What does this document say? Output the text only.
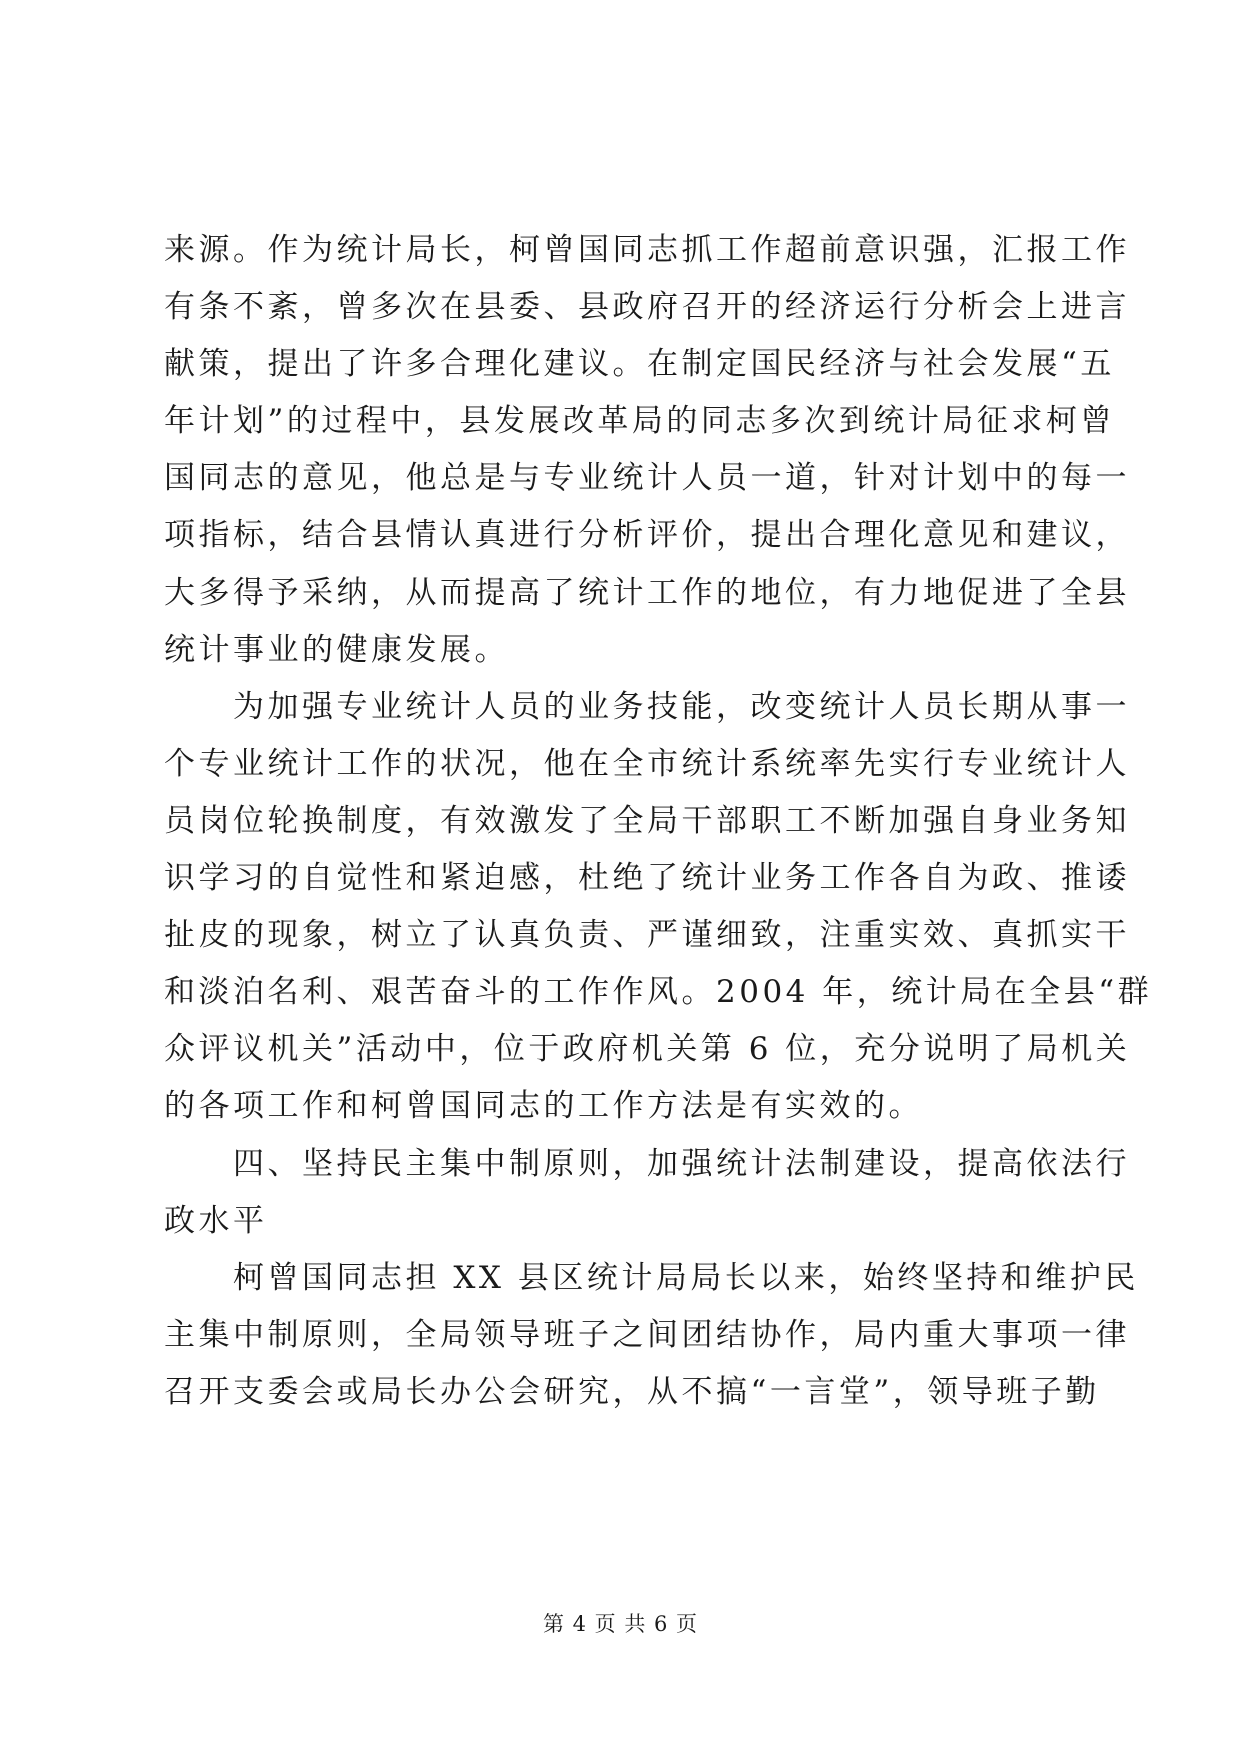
来源。作为统计局长，柯曾国同志抓工作超前意识强，汇报工作
有条不紊，曾多次在县委、县政府召开的经济运行分析会上进言
献策，提出了许多合理化建议。在制定国民经济与社会发展“五
年计划”的过程中，县发展改革局的同志多次到统计局征求柯曾
国同志的意见，他总是与专业统计人员一道，针对计划中的每一
项指标，结合县情认真进行分析评价，提出合理化意见和建议，
大多得予采纳，从而提高了统计工作的地位，有力地促进了全县
统计事业的健康发展。
　　为加强专业统计人员的业务技能，改变统计人员长期从事一
个专业统计工作的状况，他在全市统计系统率先实行专业统计人
员岗位轮换制度，有效激发了全局干部职工不断加强自身业务知
识学习的自觉性和紧迫感，杜绝了统计业务工作各自为政、推诿
扯皮的现象，树立了认真负责、严谨细致，注重实效、真抓实干
和淡泊名利、艰苦奋斗的工作作风。2004 年，统计局在全县“群
众评议机关”活动中，位于政府机关第 6 位，充分说明了局机关
的各项工作和柯曾国同志的工作方法是有实效的。
　　四、坚持民主集中制原则，加强统计法制建设，提高依法行
政水平
　　柯曾国同志担 XX 县区统计局局长以来，始终坚持和维护民
主集中制原则，全局领导班子之间团结协作，局内重大事项一律
召开支委会或局长办公会研究，从不搞“一言堂”，领导班子勤
第 4 页 共 6 页
